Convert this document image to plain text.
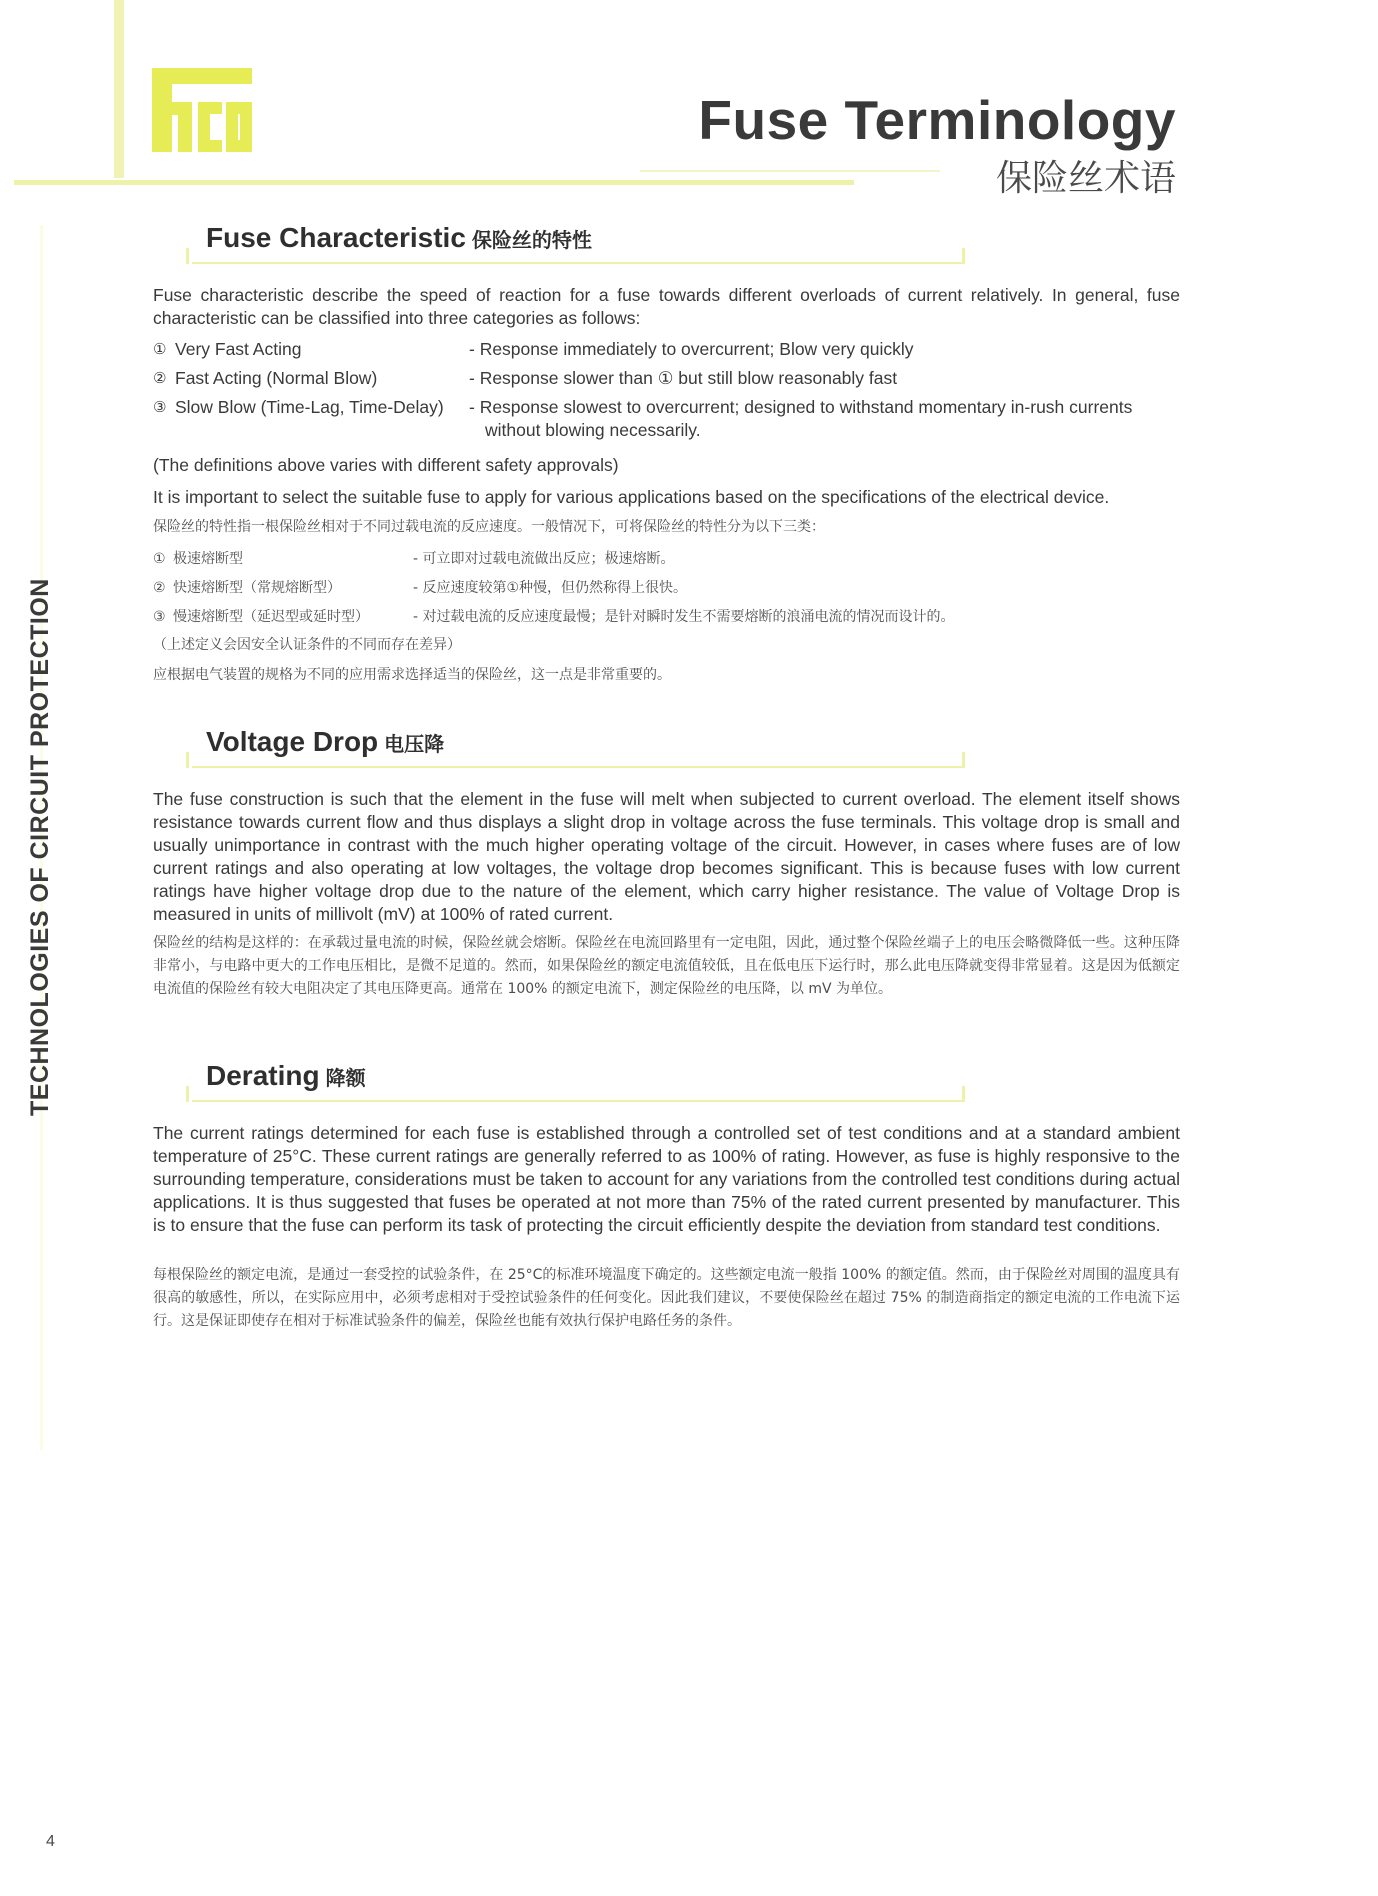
Fuse Terminology
保险丝术语
TECHNOLOGIES OF CIRCUIT PROTECTION
Fuse Characteristic 保险丝的特性

Fuse characteristic describe the speed of reaction for a fuse towards different overloads of current relatively. In general, fuse characteristic can be classified into three categories as follows:

① Very Fast Acting	- Response immediately to overcurrent; Blow very quickly
② Fast Acting (Normal Blow)	- Response slower than ① but still blow reasonably fast
③ Slow Blow (Time-Lag, Time-Delay) - Response slowest to overcurrent; designed to withstand momentary in-rush currents
without blowing necessarily.

(The definitions above varies with different safety approvals)

It is important to select the suitable fuse to apply for various applications based on the specifications of the electrical device.

保险丝的特性指一根保险丝相对于不同过载电流的反应速度。一般情况下，可将保险丝的特性分为以下三类：

① 极速熔断型	- 可立即对过载电流做出反应；极速熔断。
② 快速熔断型（常规熔断型）	- 反应速度较第①种慢，但仍然称得上很快。
③ 慢速熔断型（延迟型或延时型）	- 对过载电流的反应速度最慢；是针对瞬时发生不需要熔断的浪涌电流的情况而设计的。

（上述定义会因安全认证条件的不同而存在差异）

应根据电气装置的规格为不同的应用需求选择适当的保险丝，这一点是非常重要的。

Voltage Drop 电压降

The fuse construction is such that the element in the fuse will melt when subjected to current overload. The element itself shows resistance towards current flow and thus displays a slight drop in voltage across the fuse terminals. This voltage drop is small and usually unimportance in contrast with the much higher operating voltage of the circuit. However, in cases where fuses are of low current ratings and also operating at low voltages, the voltage drop becomes significant. This is because fuses with low current ratings have higher voltage drop due to the nature of the element, which carry higher resistance. The value of Voltage Drop is measured in units of millivolt (mV) at 100% of rated current.

保险丝的结构是这样的：在承载过量电流的时候，保险丝就会熔断。保险丝在电流回路里有一定电阻，因此，通过整个保险丝端子上的电压会略微降低一些。这种压降非常小，与电路中更大的工作电压相比，是微不足道的。然而，如果保险丝的额定电流值较低，且在低电压下运行时，那么此电压降就变得非常显着。这是因为低额定电流值的保险丝有较大电阻决定了其电压降更高。通常在 100% 的额定电流下，测定保险丝的电压降，以 mV 为单位。

Derating 降额

The current ratings determined for each fuse is established through a controlled set of test conditions and at a standard ambient temperature of 25°C. These current ratings are generally referred to as 100% of rating. However, as fuse is highly responsive to the surrounding temperature, considerations must be taken to account for any variations from the controlled test conditions during actual applications. It is thus suggested that fuses be operated at not more than 75% of the rated current presented by manufacturer. This is to ensure that the fuse can perform its task of protecting the circuit efficiently despite the deviation from standard test conditions.

每根保险丝的额定电流，是通过一套受控的试验条件，在 25°C的标准环境温度下确定的。这些额定电流一般指 100% 的额定值。然而，由于保险丝对周围的温度具有很高的敏感性，所以，在实际应用中，必须考虑相对于受控试验条件的任何变化。因此我们建议，不要使保险丝在超过 75% 的制造商指定的额定电流的工作电流下运行。这是保证即使存在相对于标准试验条件的偏差，保险丝也能有效执行保护电路任务的条件。

4
